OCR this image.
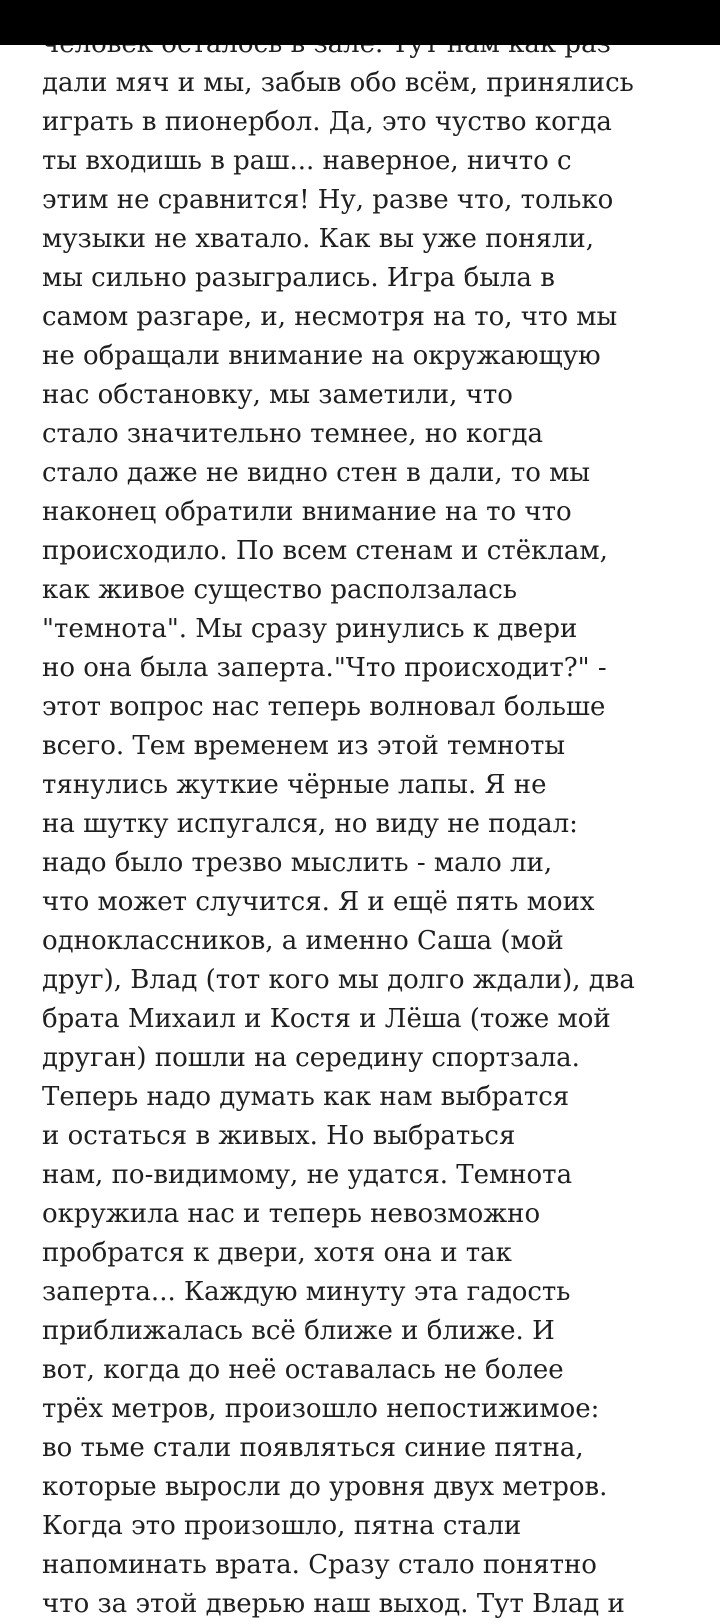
дали мяч и мы, забыв обо всём, принялись
играть в пионербол. Да, это чуство когда
ты входишь в раш... наверное, ничто с
этим не сравнится! Ну, разве что, только
музыки не хватало. Как вы уже поняли,
мы сильно разыгрались. Игра была в
самом разгаре, и, несмотря на то, что мы
не обращали внимание на окружающую
нас обстановку, мы заметили, что
стало значительно темнее, но когда
стало даже не видно стен в дали, то мы
наконец обратили внимание на то что
происходило. По всем стенам и стёклам,
как живое существо расползалась
"темнота". Мы сразу ринулись к двери
но она была заперта."Что происходит?" -
этот вопрос нас теперь волновал больше
всего. Тем временем из этой темноты
тянулись жуткие чёрные лапы. Я не
на шутку испугался, но виду не подал:
надо было трезво мыслить - мало ли,
что может случится. Я и ещё пять моих
одноклассников, а именно Саша (мой
друг), Влад (тот кого мы долго ждали), два
брата Михаил и Костя и Лёша (тоже мой
друган) пошли на середину спортзала.
Теперь надо думать как нам выбратся
и остаться в живых. Но выбраться
нам, по-видимому, не удатся. Темнота
окружила нас и теперь невозможно
пробратся к двери, хотя она и так
заперта... Каждую минуту эта гадость
приближалась всё ближе и ближе. И
вот, когда до неё оставалась не более
трёх метров, произошло непостижимое:
во тьме стали появляться синие пятна,
которые выросли до уровня двух метров.
Когда это произошло, пятна стали
напоминать врата. Сразу стало понятно
что за этой дверью наш выход. Тут Влад и
